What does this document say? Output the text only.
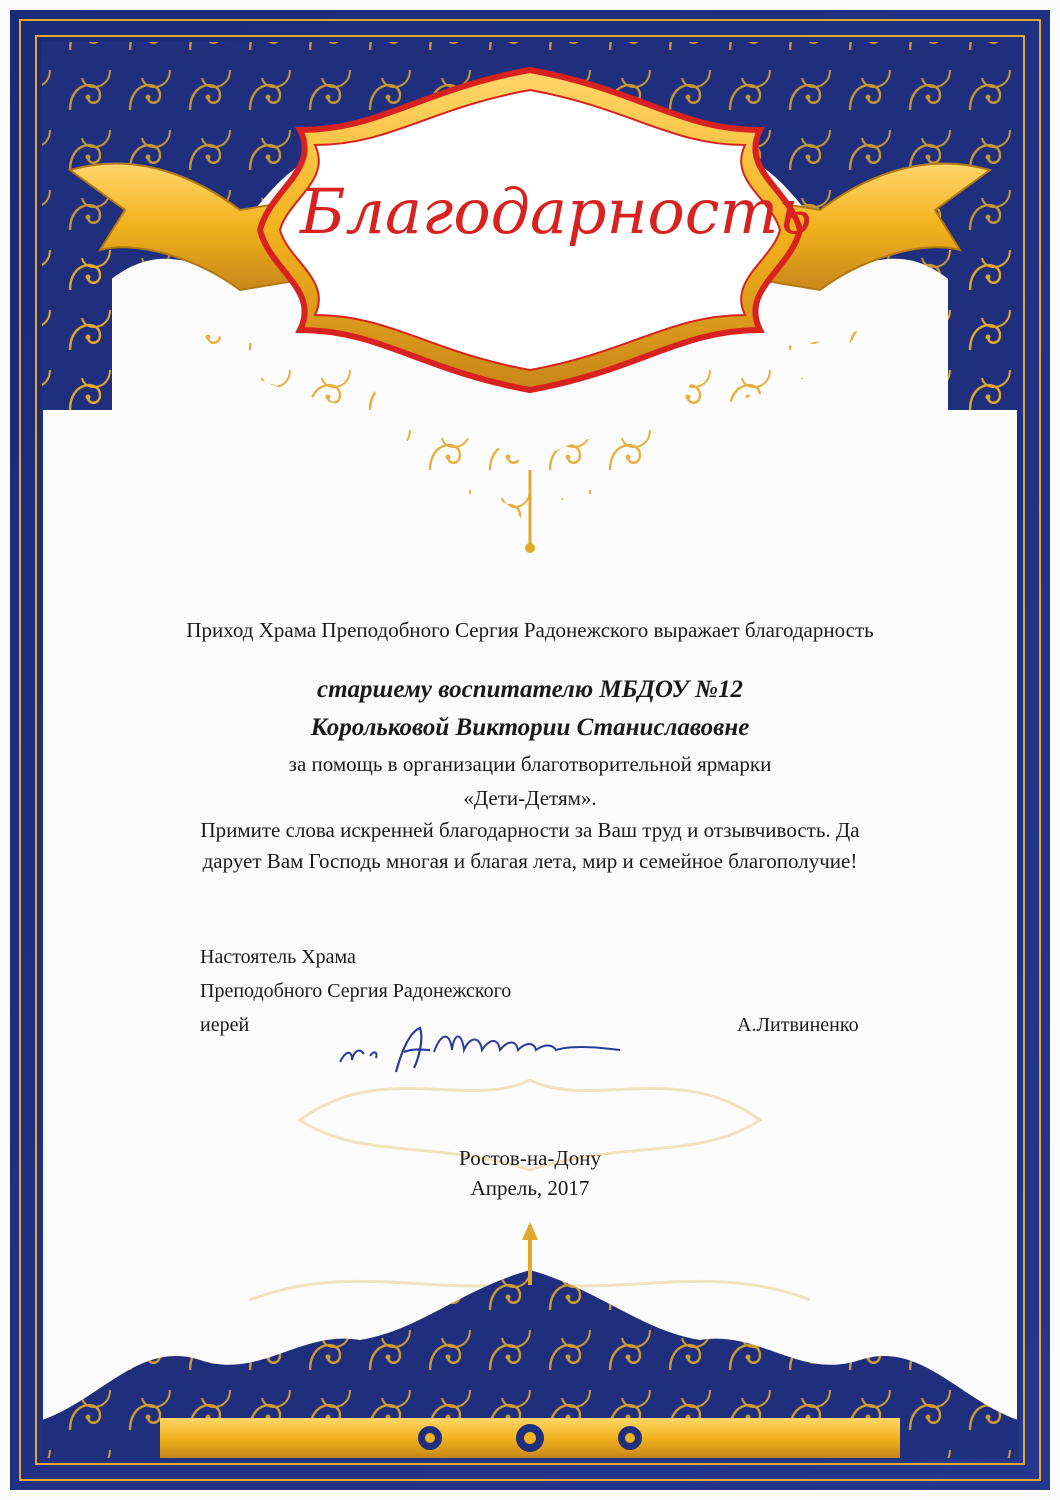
Благодарность
Приход Храма Преподобного Сергия Радонежского выражает благодарность
старшему воспитателю МБДОУ №12
Корольковой Виктории Станиславовне
за помощь в организации благотворительной ярмарки
«Дети-Детям».
Примите слова искренней благодарности за Ваш труд и отзывчивость. Да
дарует Вам Господь многая и благая лета, мир и семейное благополучие!
Настоятель Храма
Преподобного Сергия Радонежского
иерей	А.Литвиненко
Ростов-на-Дону
Апрель, 2017
